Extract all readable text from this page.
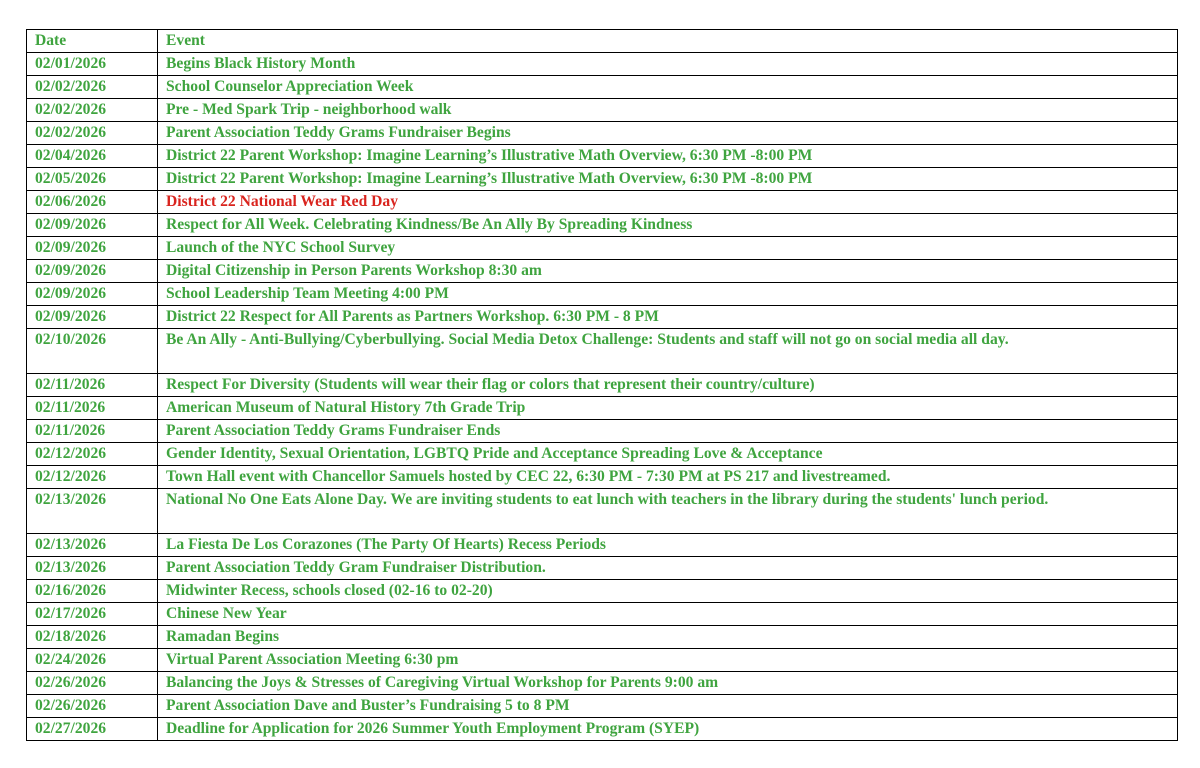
Date	Event
02/01/2026	Begins Black History Month
02/02/2026	School Counselor Appreciation Week
02/02/2026	Pre - Med Spark Trip - neighborhood walk
02/02/2026	Parent Association Teddy Grams Fundraiser Begins
02/04/2026	District 22 Parent Workshop: Imagine Learning’s Illustrative Math Overview, 6:30 PM -8:00 PM
02/05/2026	District 22 Parent Workshop: Imagine Learning’s Illustrative Math Overview, 6:30 PM -8:00 PM
02/06/2026	District 22 National Wear Red Day
02/09/2026	Respect for All Week. Celebrating Kindness/Be An Ally By Spreading Kindness
02/09/2026	Launch of the NYC School Survey
02/09/2026	Digital Citizenship in Person Parents Workshop 8:30 am
02/09/2026	School Leadership Team Meeting 4:00 PM
02/09/2026	District 22 Respect for All Parents as Partners Workshop. 6:30 PM - 8 PM
02/10/2026	Be An Ally - Anti-Bullying/Cyberbullying. Social Media Detox Challenge: Students and staff will not go on social media all day.
02/11/2026	Respect For Diversity (Students will wear their flag or colors that represent their country/culture)
02/11/2026	American Museum of Natural History 7th Grade Trip
02/11/2026	Parent Association Teddy Grams Fundraiser Ends
02/12/2026	Gender Identity, Sexual Orientation, LGBTQ Pride and Acceptance Spreading Love & Acceptance
02/12/2026	Town Hall event with Chancellor Samuels hosted by CEC 22, 6:30 PM - 7:30 PM at PS 217 and livestreamed.
02/13/2026	National No One Eats Alone Day. We are inviting students to eat lunch with teachers in the library during the students' lunch period.
02/13/2026	La Fiesta De Los Corazones (The Party Of Hearts) Recess Periods
02/13/2026	Parent Association Teddy Gram Fundraiser Distribution.
02/16/2026	Midwinter Recess, schools closed (02-16 to 02-20)
02/17/2026	Chinese New Year
02/18/2026	Ramadan Begins
02/24/2026	Virtual Parent Association Meeting 6:30 pm
02/26/2026	Balancing the Joys & Stresses of Caregiving Virtual Workshop for Parents 9:00 am
02/26/2026	Parent Association Dave and Buster’s Fundraising 5 to 8 PM
02/27/2026	Deadline for Application for 2026 Summer Youth Employment Program (SYEP)
